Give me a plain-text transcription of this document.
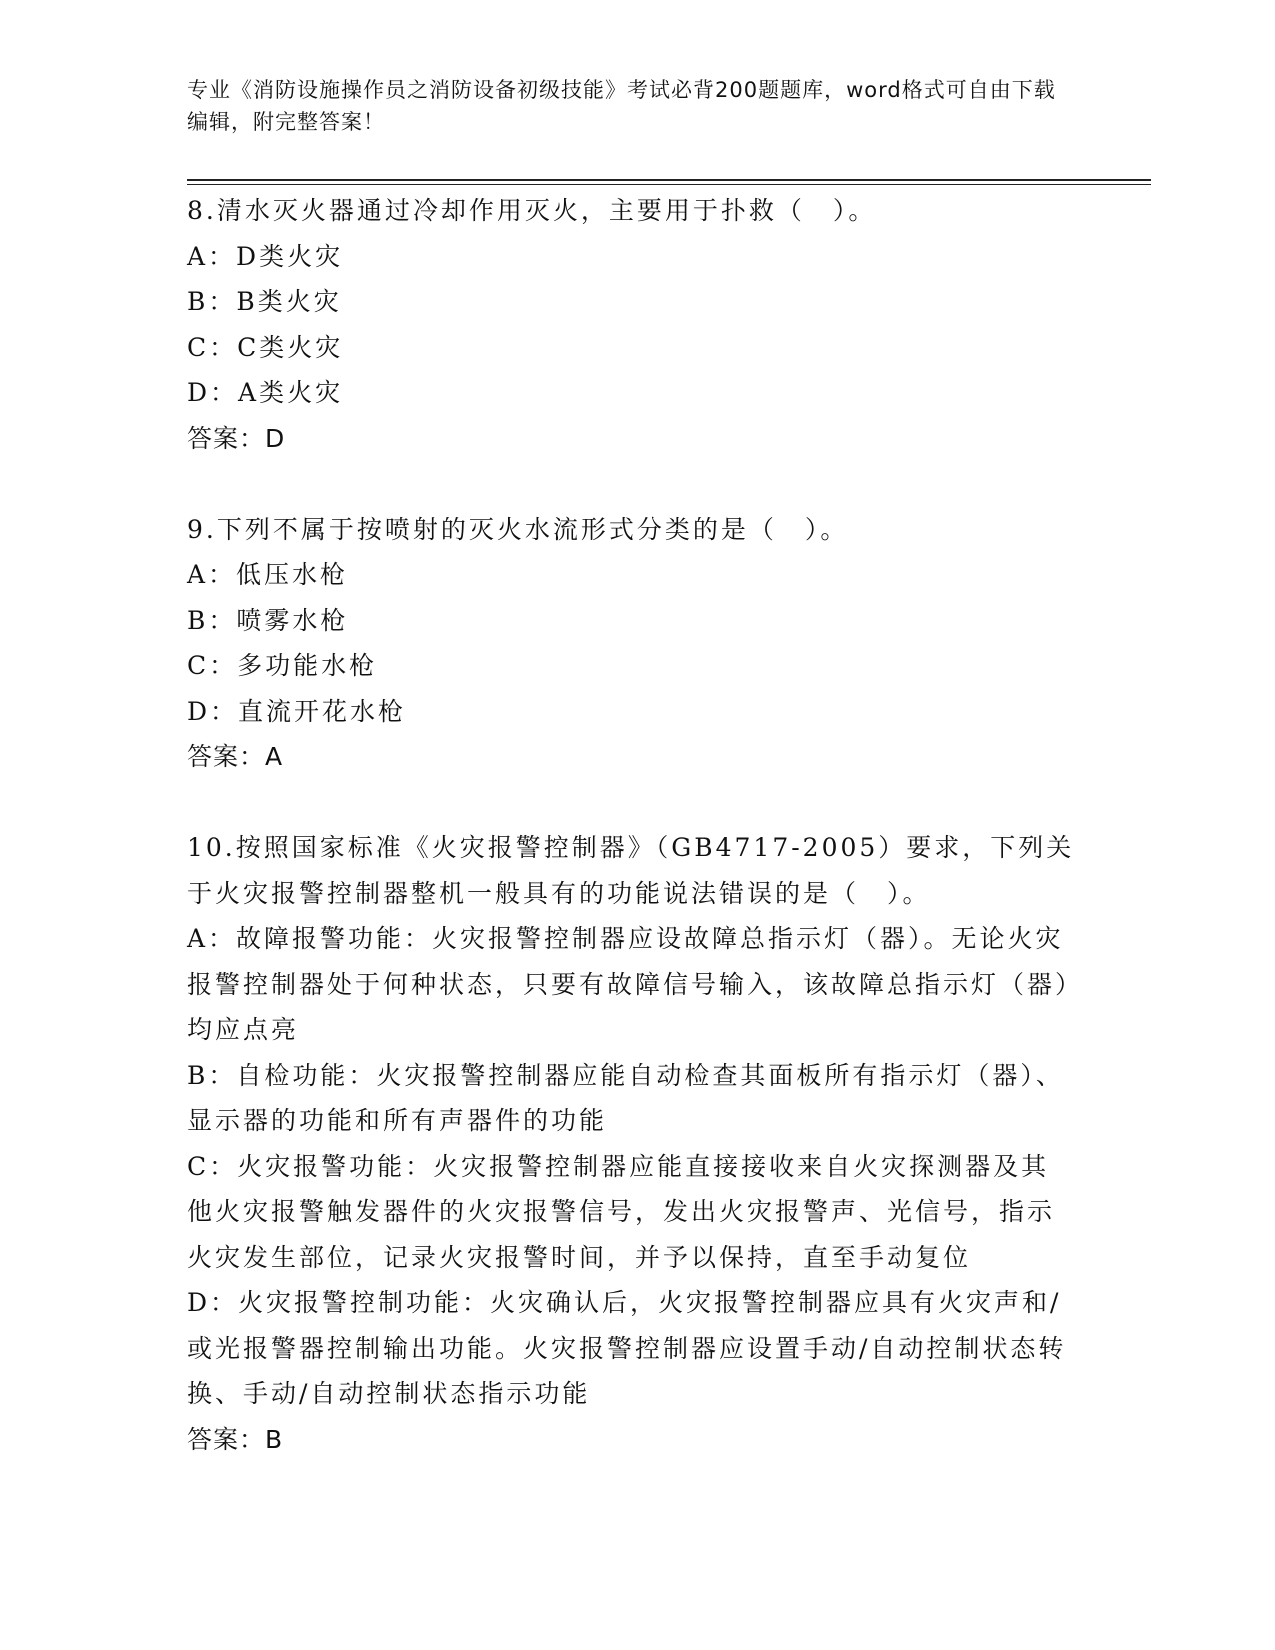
专业《消防设施操作员之消防设备初级技能》考试必背200题题库，word格式可自由下载编辑，附完整答案！

8.清水灭火器通过冷却作用灭火，主要用于扑救（　）。

A：D类火灾

B：B类火灾

C：C类火灾

D：A类火灾

答案：D

9.下列不属于按喷射的灭火水流形式分类的是（　）。

A：低压水枪

B：喷雾水枪

C：多功能水枪

D：直流开花水枪

答案：A

10.按照国家标准《火灾报警控制器》（GB4717-2005）要求，下列关于火灾报警控制器整机一般具有的功能说法错误的是（　）。

A：故障报警功能：火灾报警控制器应设故障总指示灯（器）。无论火灾报警控制器处于何种状态，只要有故障信号输入，该故障总指示灯（器）均应点亮

B：自检功能：火灾报警控制器应能自动检查其面板所有指示灯（器）、显示器的功能和所有声器件的功能

C：火灾报警功能：火灾报警控制器应能直接接收来自火灾探测器及其他火灾报警触发器件的火灾报警信号，发出火灾报警声、光信号，指示火灾发生部位，记录火灾报警时间，并予以保持，直至手动复位

D：火灾报警控制功能：火灾确认后，火灾报警控制器应具有火灾声和/或光报警器控制输出功能。火灾报警控制器应设置手动/自动控制状态转换、手动/自动控制状态指示功能

答案：B
